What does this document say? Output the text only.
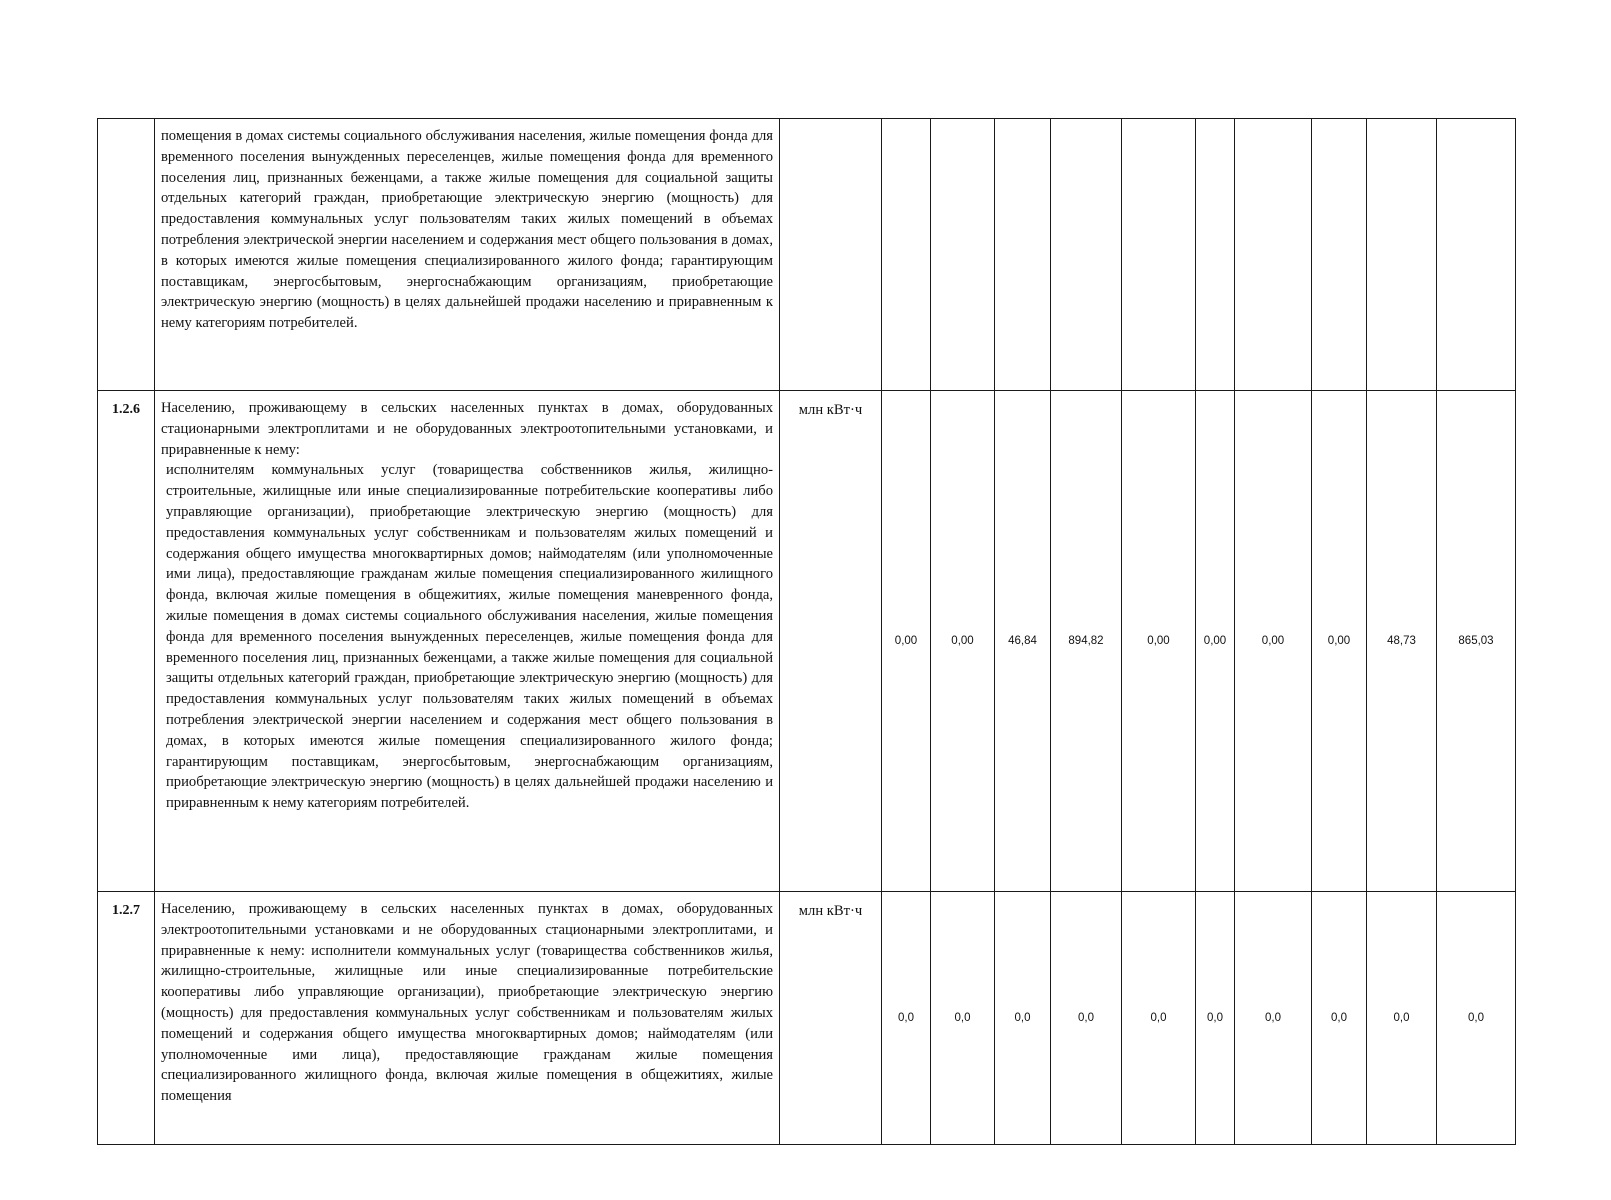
	помещения в домах системы социального обслуживания населения, жилые помещения фонда для временного поселения вынужденных переселенцев, жилые помещения фонда для временного поселения лиц, признанных беженцами, а также жилые помещения для социальной защиты отдельных категорий граждан, приобретающие электрическую энергию (мощность) для предоставления коммунальных услуг пользователям таких жилых помещений в объемах потребления электрической энергии населением и содержания мест общего пользования в домах, в которых имеются жилые помещения специализированного жилого фонда; гарантирующим поставщикам, энергосбытовым, энергоснабжающим организациям, приобретающие электрическую энергию (мощность) в целях дальнейшей продажи населению и приравненным к нему категориям потребителей.											

1.2.6	Населению, проживающему в сельских населенных пунктах в домах, оборудованных стационарными электроплитами и не оборудованных электроотопительными установками, и приравненные к нему:

исполнителям коммунальных услуг (товарищества собственников жилья, жилищно-строительные, жилищные или иные специализированные потребительские кооперативы либо управляющие организации), приобретающие электрическую энергию (мощность) для предоставления коммунальных услуг собственникам и пользователям жилых помещений и содержания общего имущества многоквартирных домов; наймодателям (или уполномоченные ими лица), предоставляющие гражданам жилые помещения специализированного жилищного фонда, включая жилые помещения в общежитиях, жилые помещения маневренного фонда, жилые помещения в домах системы социального обслуживания населения, жилые помещения фонда для временного поселения вынужденных переселенцев, жилые помещения фонда для временного поселения лиц, признанных беженцами, а также жилые помещения для социальной защиты отдельных категорий граждан, приобретающие электрическую энергию (мощность) для предоставления коммунальных услуг пользователям таких жилых помещений в объемах потребления электрической энергии населением и содержания мест общего пользования в домах, в которых имеются жилые помещения специализированного жилого фонда; гарантирующим поставщикам, энергосбытовым, энергоснабжающим организациям, приобретающие электрическую энергию (мощность) в целях дальнейшей продажи населению и приравненным к нему категориям потребителей.	млн кВт·ч	0,00	0,00	46,84	894,82	0,00	0,00	0,00	0,00	48,73	865,03
1.2.7	Населению, проживающему в сельских населенных пунктах в домах, оборудованных электроотопительными установками и не оборудованных стационарными электроплитами, и приравненные к нему: исполнители коммунальных услуг (товарищества собственников жилья, жилищно-строительные, жилищные или иные специализированные потребительские кооперативы либо управляющие организации), приобретающие электрическую энергию (мощность) для предоставления коммунальных услуг собственникам и пользователям жилых помещений и содержания общего имущества многоквартирных домов; наймодателям (или уполномоченные ими лица), предоставляющие гражданам жилые помещения специализированного жилищного фонда, включая жилые помещения в общежитиях, жилые помещения	млн кВт·ч	0,0	0,0	0,0	0,0	0,0	0,0	0,0	0,0	0,0	0,0
